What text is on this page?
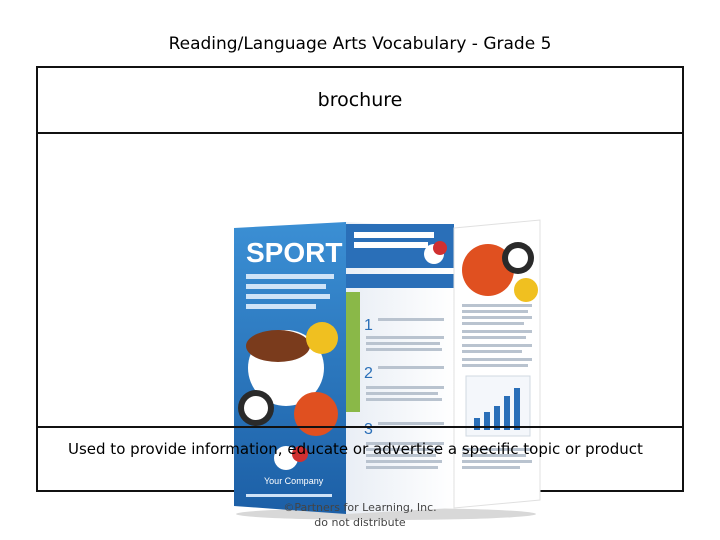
Reading/Language Arts Vocabulary - Grade 5
brochure
SPORT
Your Company
1
2
3
Used to provide information, educate or advertise a specific topic or product
©Partners for Learning, Inc.
do not distribute
